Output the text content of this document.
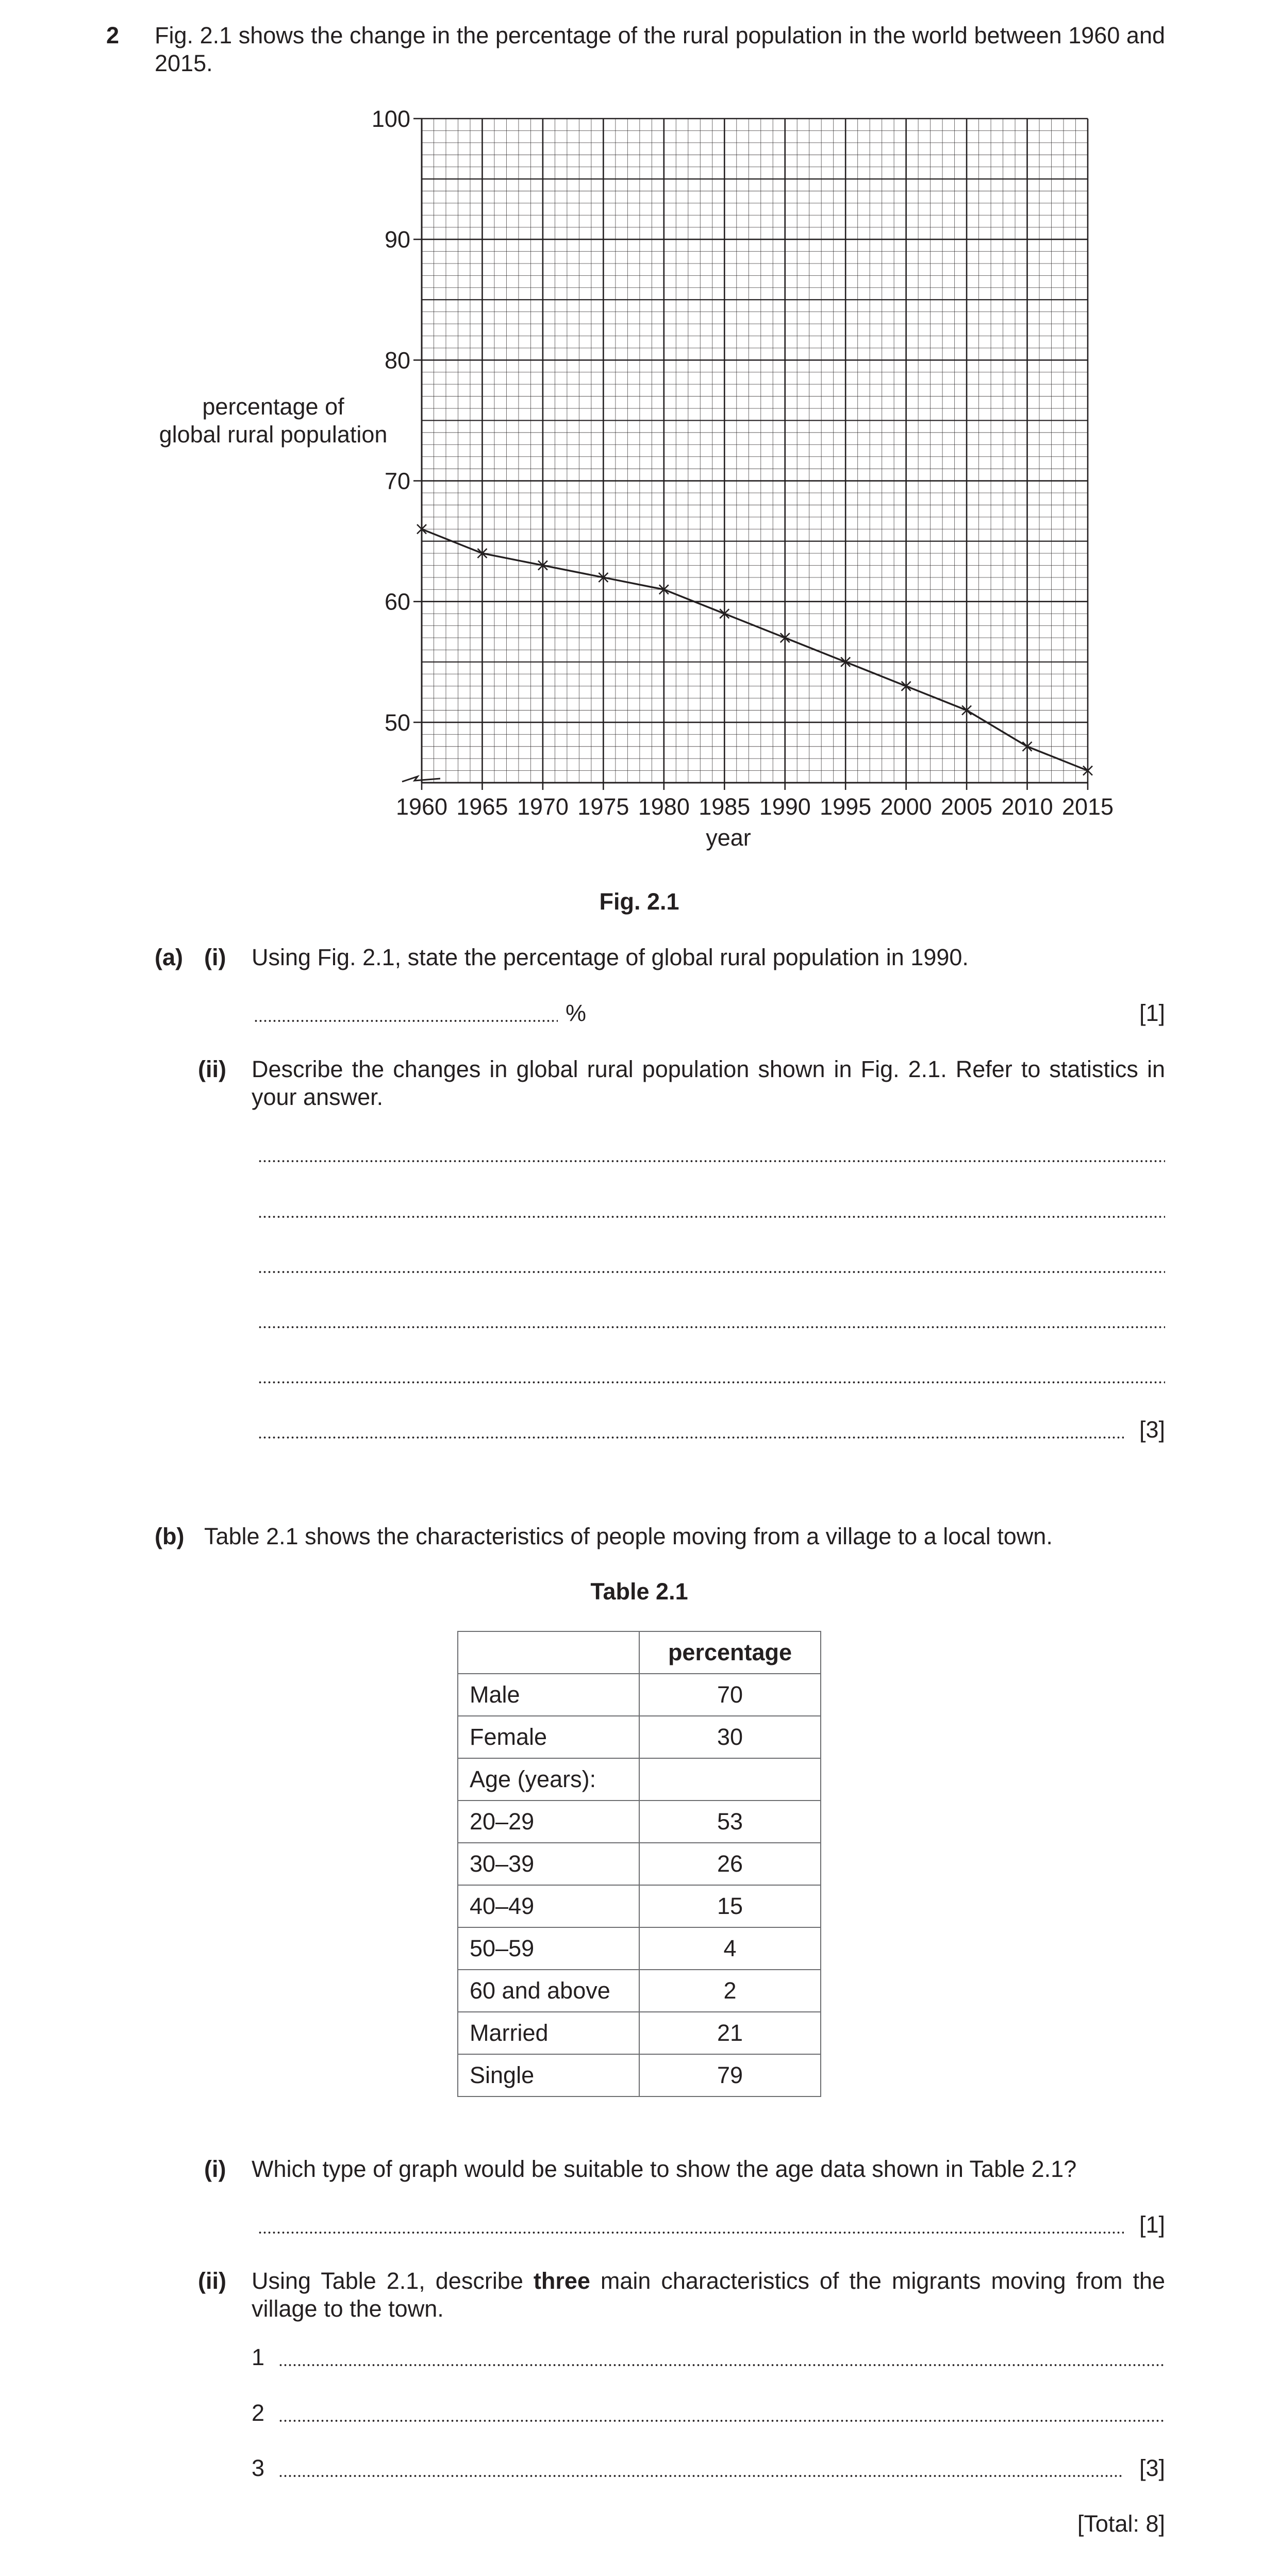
2 Fig. 2.1 shows the change in the percentage of the rural population in the world between 1960 and 2015.
50
60
70
80
90
100
1960 1965 1970 1975 1980 1985 1990 1995 2000 2005 2010 2015
percentage of
global rural population
year
Fig. 2.1
(a) (i) Using Fig. 2.1, state the percentage of global rural population in 1990.
%	[1]
(ii) Describe the changes in global rural population shown in Fig. 2.1. Refer to statistics in your answer.
[3]
(b) Table 2.1 shows the characteristics of people moving from a village to a local town.
Table 2.1
	percentage
Male	70
Female	30
Age (years):	
20–29	53
30–39	26
40–49	15
50–59	4
60 and above	2
Married	21
Single	79
(i) Which type of graph would be suitable to show the age data shown in Table 2.1?
[1]
(ii) Using Table 2.1, describe three main characteristics of the migrants moving from the village to the town.
1
2
3	[3]
[Total: 8]
